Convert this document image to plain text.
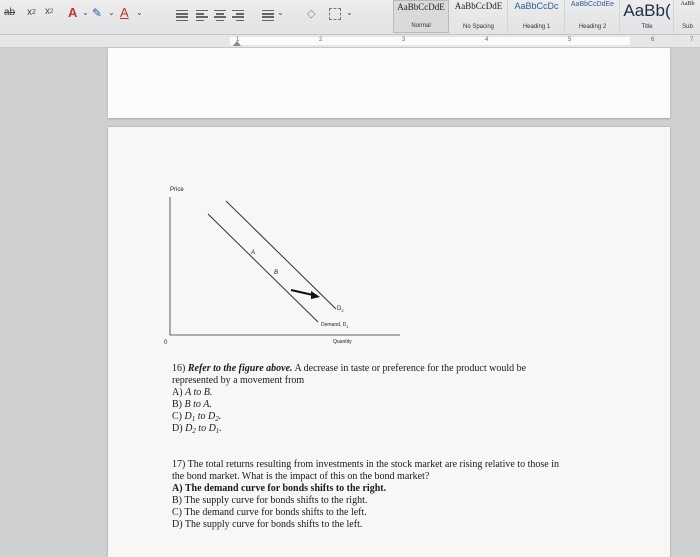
ab x 2 x 2 A ⌄ ✎ ⌄ A ⌄	⌄ ◇	⌄
AaBbCcDdE
Normal
AaBbCcDdE
No Spacing
AaBbCcDc
Heading 1
AaBbCcDdEe
Heading 2
AaBb(
Title
AaBb
Sub
1	2	3	4	5	6	7
Price
Quantity
0
A
B
$D_2$
Demand, $D_1$
16) Refer to the figure above. A decrease in taste or preference for the product would be
represented by a movement from
A) A to B.
B) B to A.
C) $D_1$ to $D_2$.
D) $D_2$ to $D_1$.
17) The total returns resulting from investments in the stock market are rising relative to those in
the bond market. What is the impact of this on the bond market?
A) The demand curve for bonds shifts to the right.
B) The supply curve for bonds shifts to the right.
C) The demand curve for bonds shifts to the left.
D) The supply curve for bonds shifts to the left.
